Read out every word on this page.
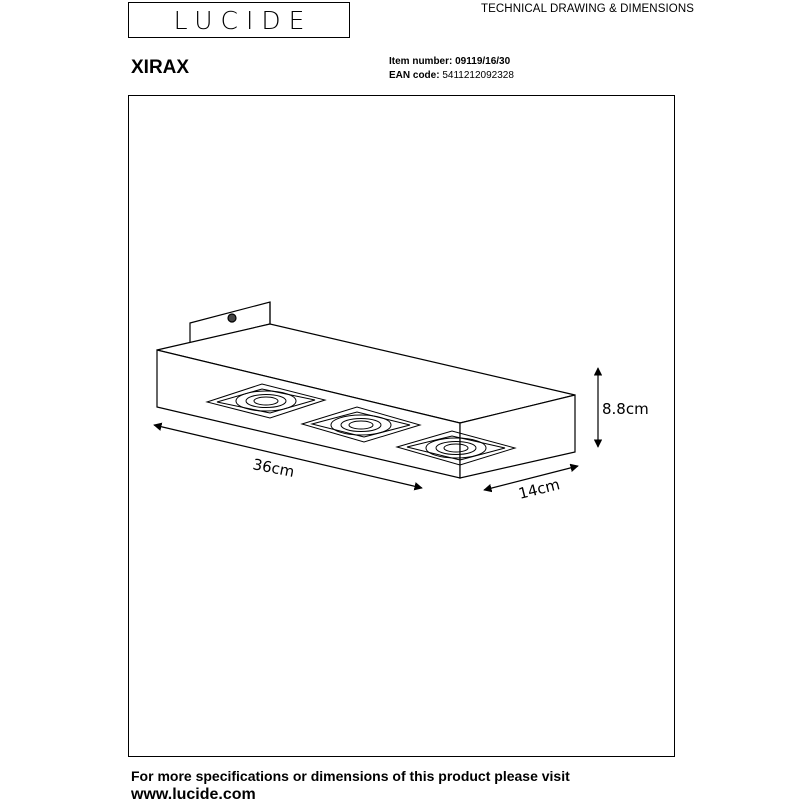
LUCIDE	TECHNICAL DRAWING & DIMENSIONS
XIRAX	Item number: 09119/16/30
EAN code: 5411212092328
36cm
14cm
8.8cm
For more specifications or dimensions of this product please visit
www.lucide.com
